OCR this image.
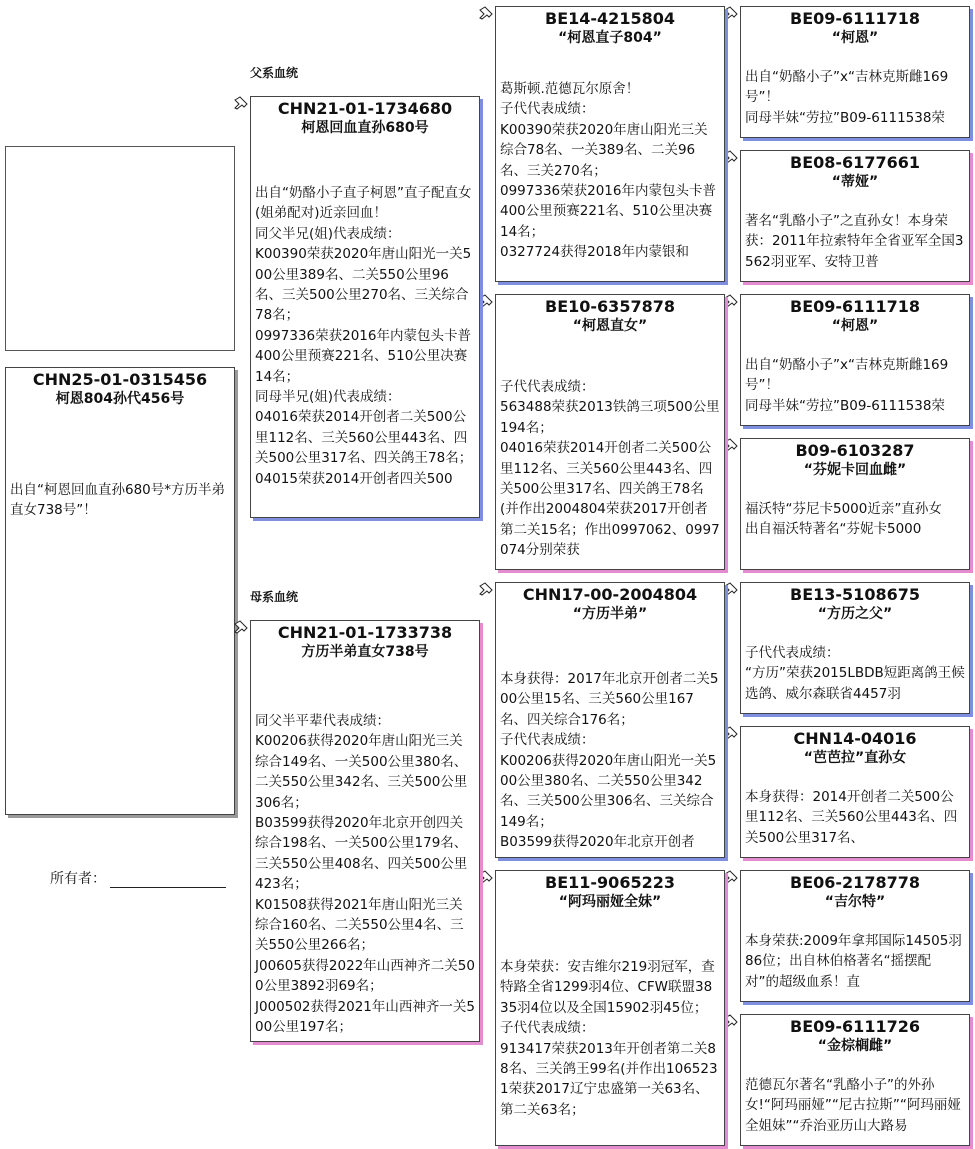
CHN25-01-0315456
柯恩804孙代456号
出自“柯恩回血直孙680号*方历半弟直女738号”！
所有者：
父系血统
母系血统
CHN21-01-1734680
柯恩回血直孙680号
出自“奶酪小子直子柯恩”直子配直女(姐弟配对)近亲回血！
同父半兄(姐)代表成绩：
K00390荣获2020年唐山阳光一关500公里389名、二关550公里96名、三关500公里270名、三关综合78名；
0997336荣获2016年内蒙包头卡普400公里预赛221名、510公里决赛14名；
同母半兄(姐)代表成绩：
04016荣获2014开创者二关500公里112名、三关560公里443名、四关500公里317名、四关鸽王78名；
04015荣获2014开创者四关500
CHN21-01-1733738
方历半弟直女738号
同父半平辈代表成绩：
K00206获得2020年唐山阳光三关综合149名、一关500公里380名、二关550公里342名、三关500公里306名；
B03599获得2020年北京开创四关综合198名、一关500公里179名、三关550公里408名、四关500公里423名；
K01508获得2021年唐山阳光三关综合160名、二关550公里4名、三关550公里266名；
J00605获得2022年山西神齐二关500公里3892羽69名；
J000502获得2021年山西神齐一关500公里197名；
BE14-4215804
“柯恩直子804”
葛斯顿.范德瓦尔原舍！
子代代表成绩：
K00390荣获2020年唐山阳光三关综合78名、一关389名、二关96名、三关270名；
0997336荣获2016年内蒙包头卡普400公里预赛221名、510公里决赛14名；
0327724获得2018年内蒙银和
BE10-6357878
“柯恩直女”
子代代表成绩：
563488荣获2013铁鸽三项500公里194名；
04016荣获2014开创者二关500公里112名、三关560公里443名、四关500公里317名、四关鸽王78名(并作出2004804荣获2017开创者第二关15名；作出0997062、0997074分别荣获
CHN17-00-2004804
“方历半弟”
本身获得：2017年北京开创者二关500公里15名、三关560公里167名、四关综合176名；
子代代表成绩：
K00206获得2020年唐山阳光一关500公里380名、二关550公里342名、三关500公里306名、三关综合149名；
B03599获得2020年北京开创者
BE11-9065223
“阿玛丽娅全妹”
本身荣获：安吉维尔219羽冠军，查特路全省1299羽4位、CFW联盟3835羽4位以及全国15902羽45位；
子代代表成绩：
913417荣获2013年开创者第二关88名、三关鸽王99名(并作出1065231荣获2017辽宁忠盛第一关63名、第二关63名；
BE09-6111718
“柯恩”
出自“奶酪小子”x“吉林克斯雌169号”！
同母半妹“劳拉”B09-6111538荣
BE08-6177661
“蒂娅”
著名“乳酪小子”之直孙女！本身荣获：2011年拉索特年全省亚军全国3562羽亚军、安特卫普
BE09-6111718
“柯恩”
出自“奶酪小子”x“吉林克斯雌169号”！
同母半妹“劳拉”B09-6111538荣
B09-6103287
“芬妮卡回血雌”
福沃特“芬尼卡5000近亲”直孙女
出自福沃特著名“芬妮卡5000
BE13-5108675
“方历之父”
子代代表成绩：
“方历”荣获2015LBDB短距离鸽王候选鸽、威尔森联省4457羽
CHN14-04016
“芭芭拉”直孙女
本身获得：2014开创者二关500公里112名、三关560公里443名、四关500公里317名、
BE06-2178778
“吉尔特”
本身荣获:2009年拿邦国际14505羽86位；出自林伯格著名“摇摆配对”的超级血系！直
BE09-6111726
“金棕榈雌”
范德瓦尔著名“乳酪小子”的外孙女!“阿玛丽娅”“尼古拉斯”“阿玛丽娅全姐妹”“乔治亚历山大路易
